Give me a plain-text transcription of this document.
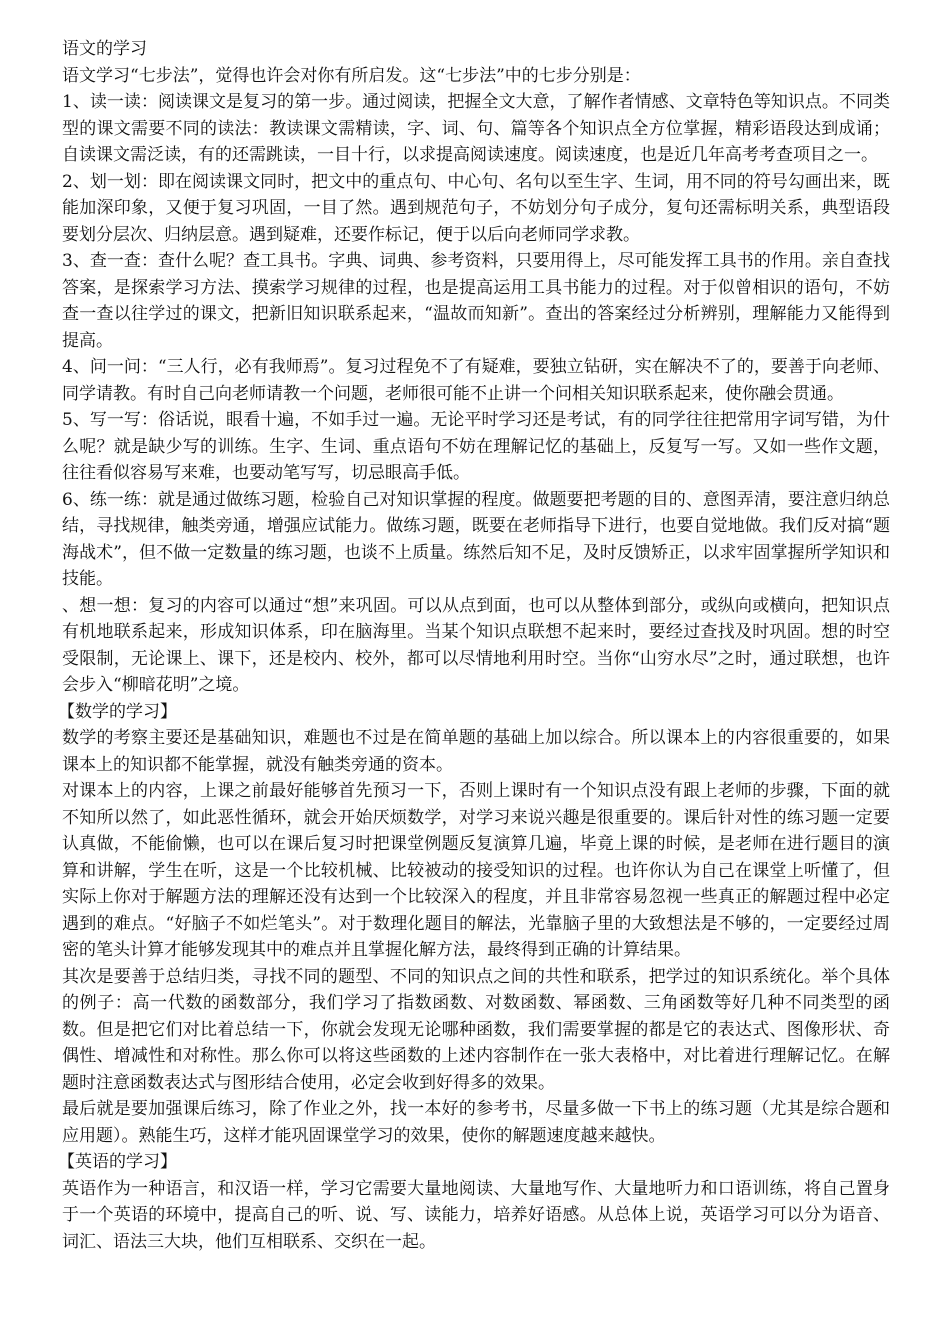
语文的学习

语文学习“七步法”，觉得也许会对你有所启发。这“七步法”中的七步分别是：

1、读一读：阅读课文是复习的第一步。通过阅读，把握全文大意，了解作者情感、文章特色等知识点。不同类型的课文需要不同的读法：教读课文需精读，字、词、句、篇等各个知识点全方位掌握，精彩语段达到成诵；自读课文需泛读，有的还需跳读，一目十行，以求提高阅读速度。阅读速度，也是近几年高考考查项目之一。

2、划一划：即在阅读课文同时，把文中的重点句、中心句、名句以至生字、生词，用不同的符号勾画出来，既能加深印象，又便于复习巩固，一目了然。遇到规范句子，不妨划分句子成分，复句还需标明关系，典型语段要划分层次、归纳层意。遇到疑难，还要作标记，便于以后向老师同学求教。

3、查一查：查什么呢？查工具书。字典、词典、参考资料，只要用得上，尽可能发挥工具书的作用。亲自查找答案，是探索学习方法、摸索学习规律的过程，也是提高运用工具书能力的过程。对于似曾相识的语句，不妨查一查以往学过的课文，把新旧知识联系起来，“温故而知新”。查出的答案经过分析辨别，理解能力又能得到提高。

4、问一问：“三人行，必有我师焉”。复习过程免不了有疑难，要独立钻研，实在解决不了的，要善于向老师、同学请教。有时自己向老师请教一个问题，老师很可能不止讲一个问相关知识联系起来，使你融会贯通。

5、写一写：俗话说，眼看十遍，不如手过一遍。无论平时学习还是考试，有的同学往往把常用字词写错，为什么呢？就是缺少写的训练。生字、生词、重点语句不妨在理解记忆的基础上，反复写一写。又如一些作文题，往往看似容易写来难，也要动笔写写，切忌眼高手低。

6、练一练：就是通过做练习题，检验自己对知识掌握的程度。做题要把考题的目的、意图弄清，要注意归纳总结，寻找规律，触类旁通，增强应试能力。做练习题，既要在老师指导下进行，也要自觉地做。我们反对搞“题海战术”，但不做一定数量的练习题，也谈不上质量。练然后知不足，及时反馈矫正，以求牢固掌握所学知识和技能。

、想一想：复习的内容可以通过“想”来巩固。可以从点到面，也可以从整体到部分，或纵向或横向，把知识点有机地联系起来，形成知识体系，印在脑海里。当某个知识点联想不起来时，要经过查找及时巩固。想的时空受限制，无论课上、课下，还是校内、校外，都可以尽情地利用时空。当你“山穷水尽”之时，通过联想，也许会步入“柳暗花明”之境。

【数学的学习】

数学的考察主要还是基础知识，难题也不过是在简单题的基础上加以综合。所以课本上的内容很重要的，如果课本上的知识都不能掌握，就没有触类旁通的资本。

对课本上的内容，上课之前最好能够首先预习一下，否则上课时有一个知识点没有跟上老师的步骤，下面的就不知所以然了，如此恶性循环，就会开始厌烦数学，对学习来说兴趣是很重要的。课后针对性的练习题一定要认真做，不能偷懒，也可以在课后复习时把课堂例题反复演算几遍，毕竟上课的时候，是老师在进行题目的演算和讲解，学生在听，这是一个比较机械、比较被动的接受知识的过程。也许你认为自己在课堂上听懂了，但实际上你对于解题方法的理解还没有达到一个比较深入的程度，并且非常容易忽视一些真正的解题过程中必定遇到的难点。“好脑子不如烂笔头”。对于数理化题目的解法，光靠脑子里的大致想法是不够的，一定要经过周密的笔头计算才能够发现其中的难点并且掌握化解方法，最终得到正确的计算结果。

其次是要善于总结归类，寻找不同的题型、不同的知识点之间的共性和联系，把学过的知识系统化。举个具体的例子：高一代数的函数部分，我们学习了指数函数、对数函数、幂函数、三角函数等好几种不同类型的函数。但是把它们对比着总结一下，你就会发现无论哪种函数，我们需要掌握的都是它的表达式、图像形状、奇偶性、增减性和对称性。那么你可以将这些函数的上述内容制作在一张大表格中，对比着进行理解记忆。在解题时注意函数表达式与图形结合使用，必定会收到好得多的效果。

最后就是要加强课后练习，除了作业之外，找一本好的参考书，尽量多做一下书上的练习题（尤其是综合题和应用题）。熟能生巧，这样才能巩固课堂学习的效果，使你的解题速度越来越快。

【英语的学习】

英语作为一种语言，和汉语一样，学习它需要大量地阅读、大量地写作、大量地听力和口语训练，将自己置身于一个英语的环境中，提高自己的听、说、写、读能力，培养好语感。从总体上说，英语学习可以分为语音、词汇、语法三大块，他们互相联系、交织在一起。
